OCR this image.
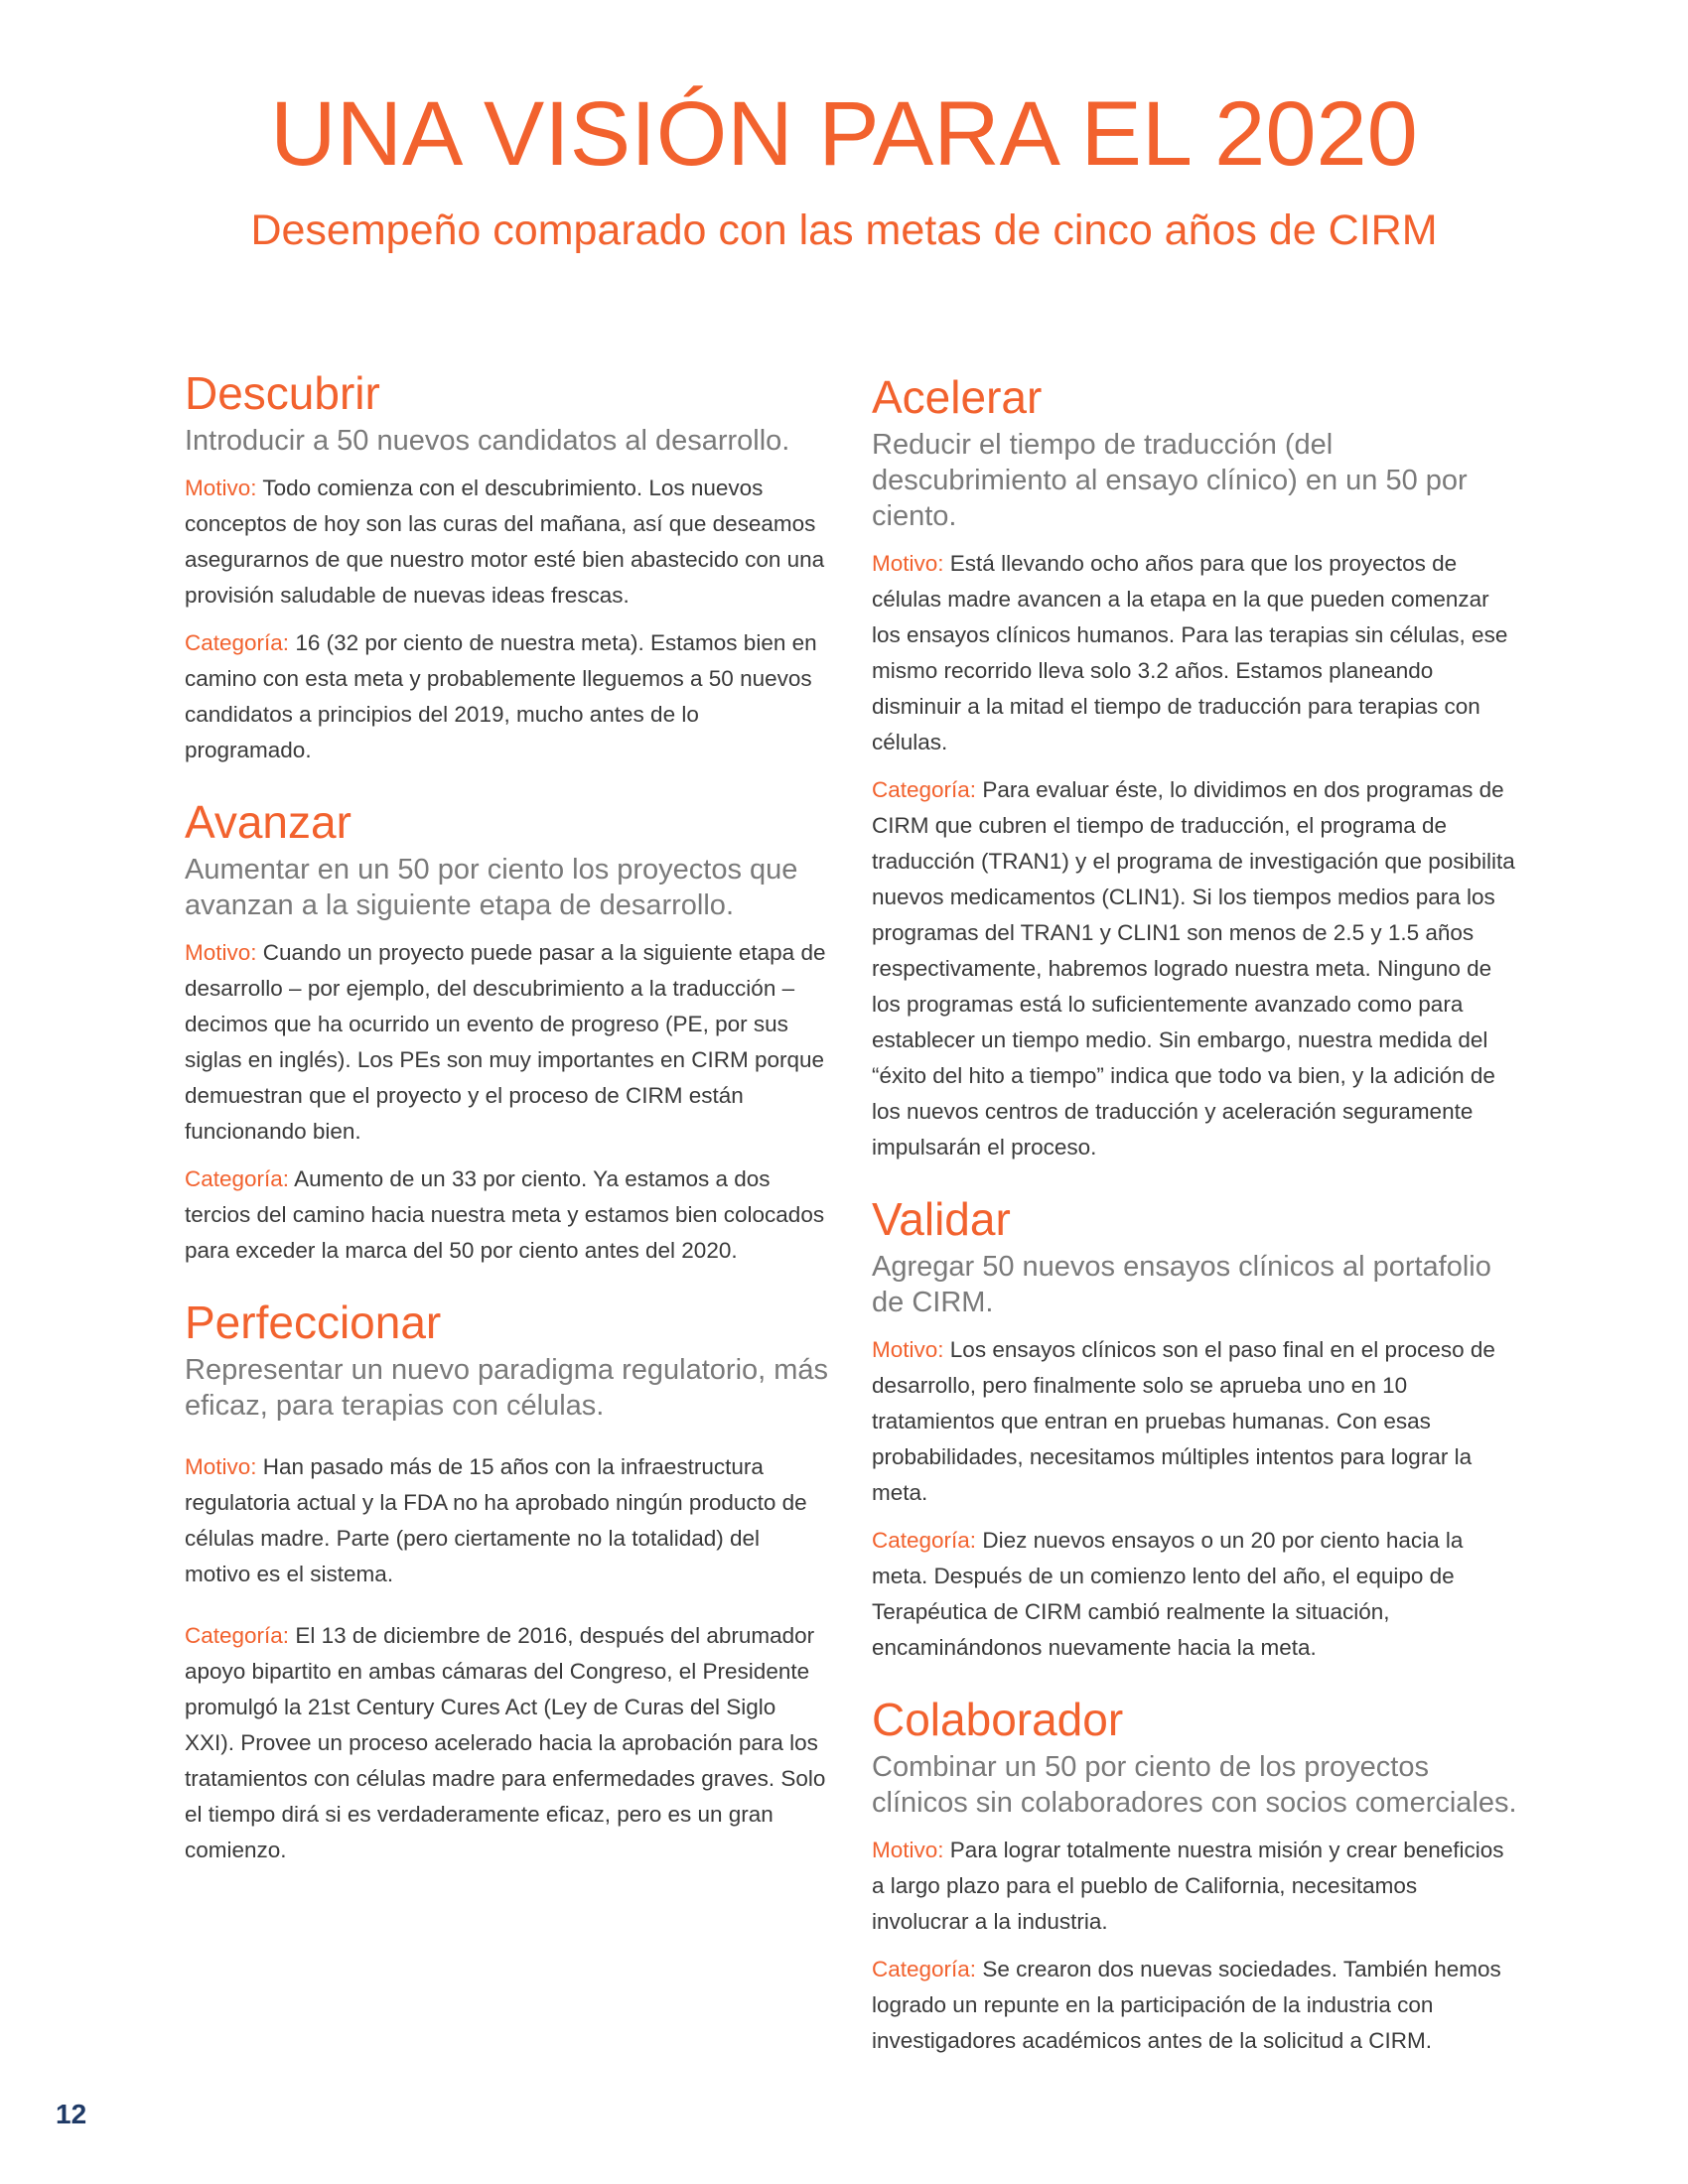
UNA VISIÓN PARA EL 2020
Desempeño comparado con las metas de cinco años de CIRM
Descubrir
Introducir a 50 nuevos candidatos al desarrollo.

Motivo: Todo comienza con el descubrimiento. Los nuevos conceptos de hoy son las curas del mañana, así que deseamos asegurarnos de que nuestro motor esté bien abastecido con una provisión saludable de nuevas ideas frescas.

Categoría: 16 (32 por ciento de nuestra meta). Estamos bien en camino con esta meta y probablemente lleguemos a 50 nuevos candidatos a principios del 2019, mucho antes de lo programado.

Avanzar
Aumentar en un 50 por ciento los proyectos que avanzan a la siguiente etapa de desarrollo.

Motivo: Cuando un proyecto puede pasar a la siguiente etapa de desarrollo – por ejemplo, del descubrimiento a la traducción – decimos que ha ocurrido un evento de progreso (PE, por sus siglas en inglés). Los PEs son muy importantes en CIRM porque demuestran que el proyecto y el proceso de CIRM están funcionando bien.

Categoría: Aumento de un 33 por ciento. Ya estamos a dos tercios del camino hacia nuestra meta y estamos bien colocados para exceder la marca del 50 por ciento antes del 2020.

Perfeccionar
Representar un nuevo paradigma regulatorio, más eficaz, para terapias con células.

Motivo: Han pasado más de 15 años con la infraestructura regulatoria actual y la FDA no ha aprobado ningún producto de células madre. Parte (pero ciertamente no la totalidad) del motivo es el sistema.

Categoría: El 13 de diciembre de 2016, después del abrumador apoyo bipartito en ambas cámaras del Congreso, el Presidente promulgó la 21st Century Cures Act (Ley de Curas del Siglo XXI). Provee un proceso acelerado hacia la aprobación para los tratamientos con células madre para enfermedades graves. Solo el tiempo dirá si es verdaderamente eficaz, pero es un gran comienzo.

Acelerar
Reducir el tiempo de traducción (del descubrimiento al ensayo clínico) en un 50 por ciento.

Motivo: Está llevando ocho años para que los proyectos de células madre avancen a la etapa en la que pueden comenzar los ensayos clínicos humanos. Para las terapias sin células, ese mismo recorrido lleva solo 3.2 años. Estamos planeando disminuir a la mitad el tiempo de traducción para terapias con células.

Categoría: Para evaluar éste, lo dividimos en dos programas de CIRM que cubren el tiempo de traducción, el programa de traducción (TRAN1) y el programa de investigación que posibilita nuevos medicamentos (CLIN1). Si los tiempos medios para los programas del TRAN1 y CLIN1 son menos de 2.5 y 1.5 años respectivamente, habremos logrado nuestra meta. Ninguno de los programas está lo suficientemente avanzado como para establecer un tiempo medio. Sin embargo, nuestra medida del “éxito del hito a tiempo” indica que todo va bien, y la adición de los nuevos centros de traducción y aceleración seguramente impulsarán el proceso.

Validar
Agregar 50 nuevos ensayos clínicos al portafolio de CIRM.

Motivo: Los ensayos clínicos son el paso final en el proceso de desarrollo, pero finalmente solo se aprueba uno en 10 tratamientos que entran en pruebas humanas. Con esas probabilidades, necesitamos múltiples intentos para lograr la meta.

Categoría: Diez nuevos ensayos o un 20 por ciento hacia la meta. Después de un comienzo lento del año, el equipo de Terapéutica de CIRM cambió realmente la situación, encaminándonos nuevamente hacia la meta.

Colaborador
Combinar un 50 por ciento de los proyectos clínicos sin colaboradores con socios comerciales.

Motivo: Para lograr totalmente nuestra misión y crear beneficios a largo plazo para el pueblo de California, necesitamos involucrar a la industria.

Categoría: Se crearon dos nuevas sociedades. También hemos logrado un repunte en la participación de la industria con investigadores académicos antes de la solicitud a CIRM.

12
